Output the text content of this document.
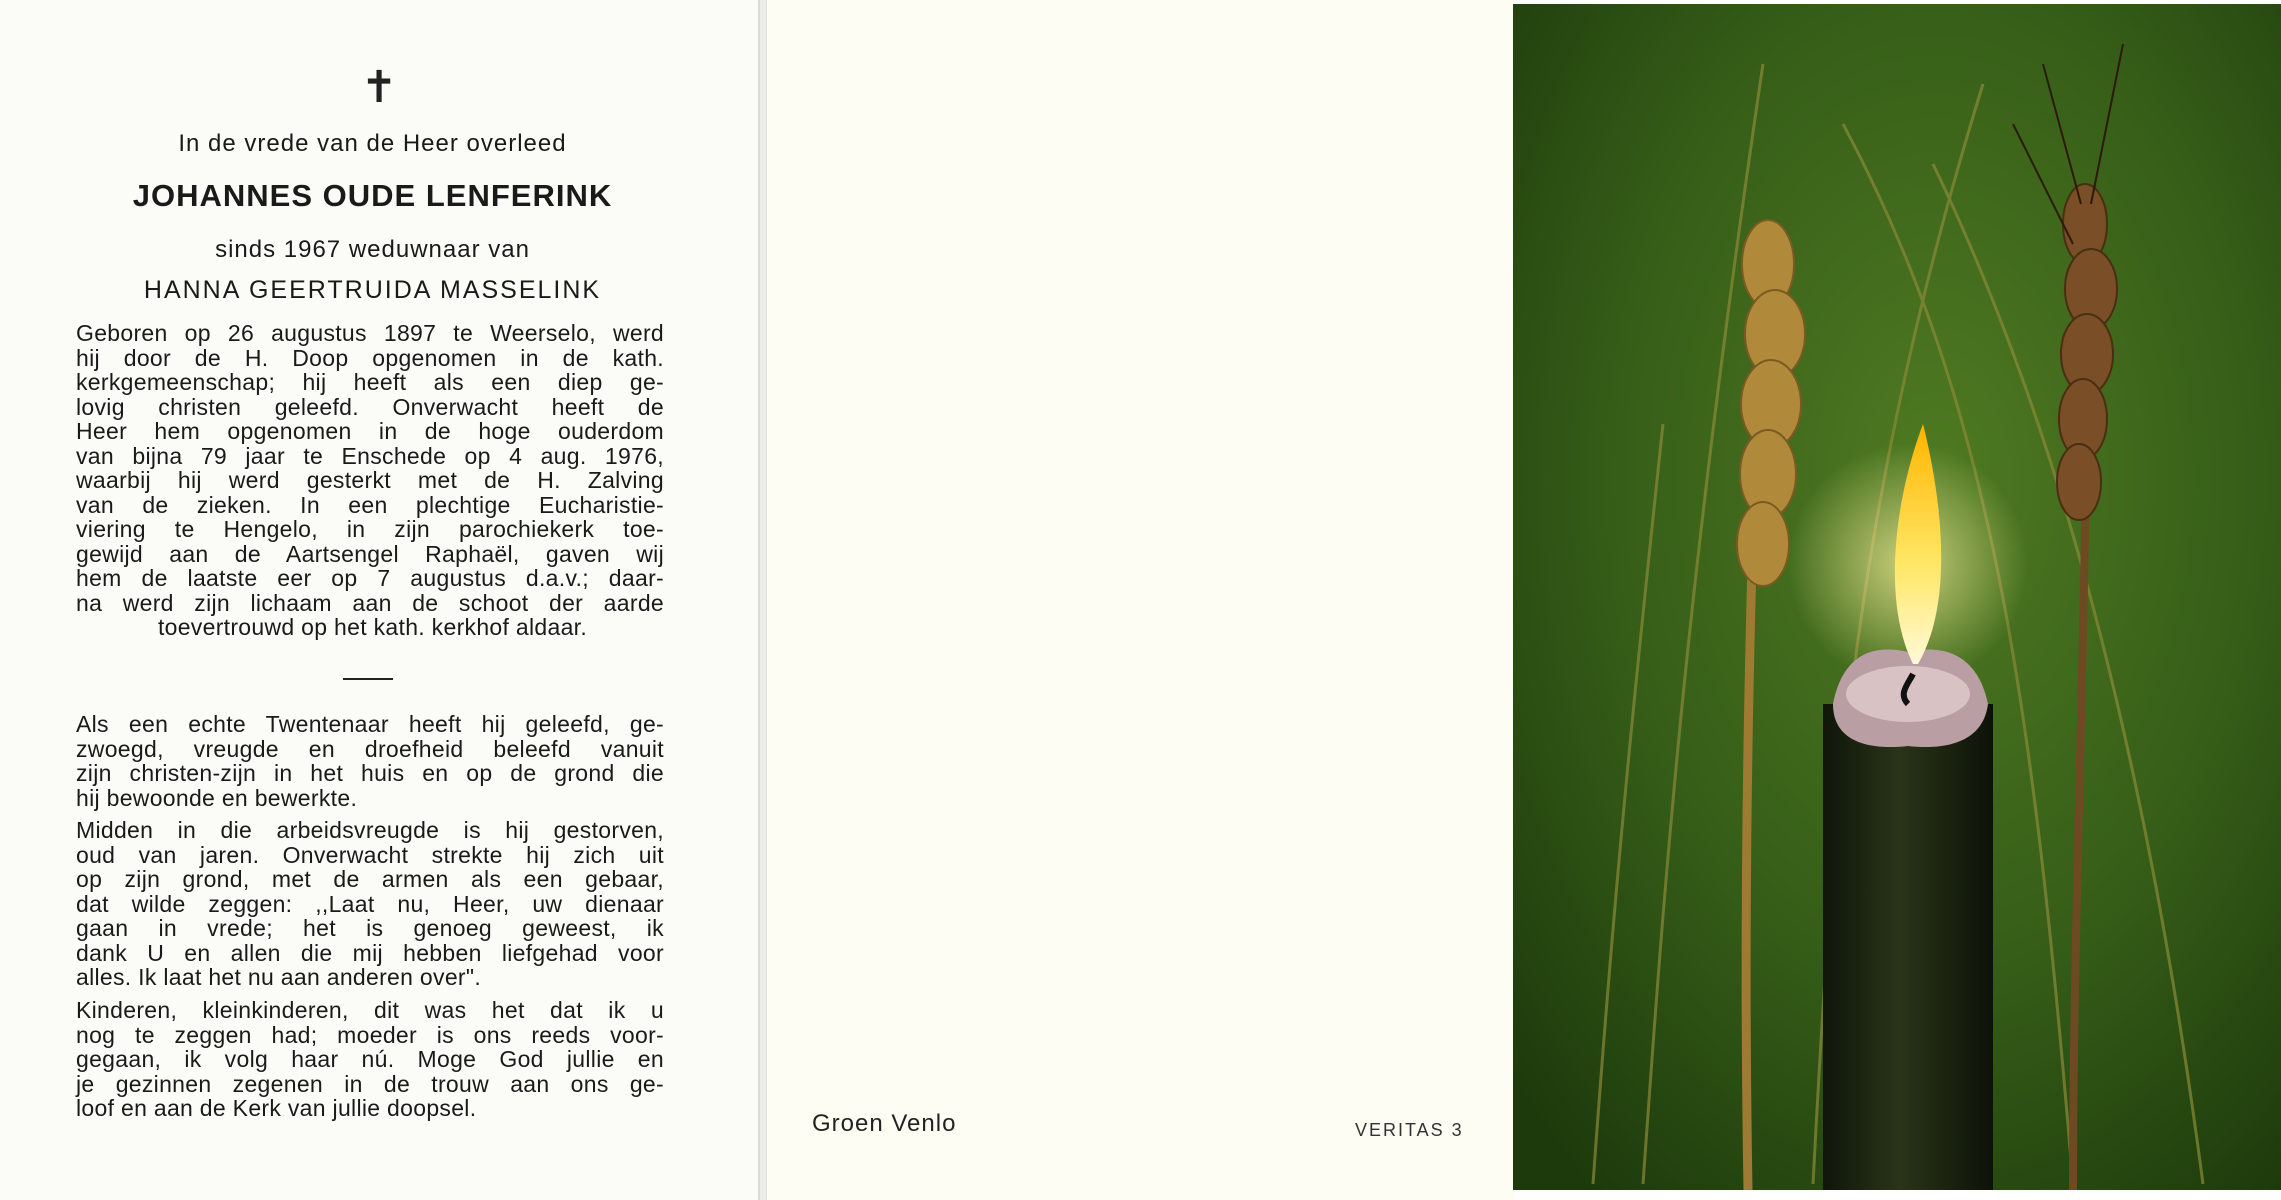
✝
In de vrede van de Heer overleed
JOHANNES OUDE LENFERINK
sinds 1967 weduwnaar van
HANNA GEERTRUIDA MASSELINK
Geboren op 26 augustus 1897 te Weerselo, werd
hij door de H. Doop opgenomen in de kath.
kerkgemeenschap; hij heeft als een diep ge-
lovig christen geleefd. Onverwacht heeft de
Heer hem opgenomen in de hoge ouderdom
van bijna 79 jaar te Enschede op 4 aug. 1976,
waarbij hij werd gesterkt met de H. Zalving
van de zieken. In een plechtige Eucharistie-
viering te Hengelo, in zijn parochiekerk toe-
gewijd aan de Aartsengel Raphaël, gaven wij
hem de laatste eer op 7 augustus d.a.v.; daar-
na werd zijn lichaam aan de schoot der aarde
toevertrouwd op het kath. kerkhof aldaar.
Als een echte Twentenaar heeft hij geleefd, ge-
zwoegd, vreugde en droefheid beleefd vanuit
zijn christen-zijn in het huis en op de grond die
hij bewoonde en bewerkte.
Midden in die arbeidsvreugde is hij gestorven,
oud van jaren. Onverwacht strekte hij zich uit
op zijn grond, met de armen als een gebaar,
dat wilde zeggen: ,,Laat nu, Heer, uw dienaar
gaan in vrede; het is genoeg geweest, ik
dank U en allen die mij hebben liefgehad voor
alles. Ik laat het nu aan anderen over".
Kinderen, kleinkinderen, dit was het dat ik u
nog te zeggen had; moeder is ons reeds voor-
gegaan, ik volg haar nú. Moge God jullie en
je gezinnen zegenen in de trouw aan ons ge-
loof en aan de Kerk van jullie doopsel.
Groen Venlo	VERITAS 3
